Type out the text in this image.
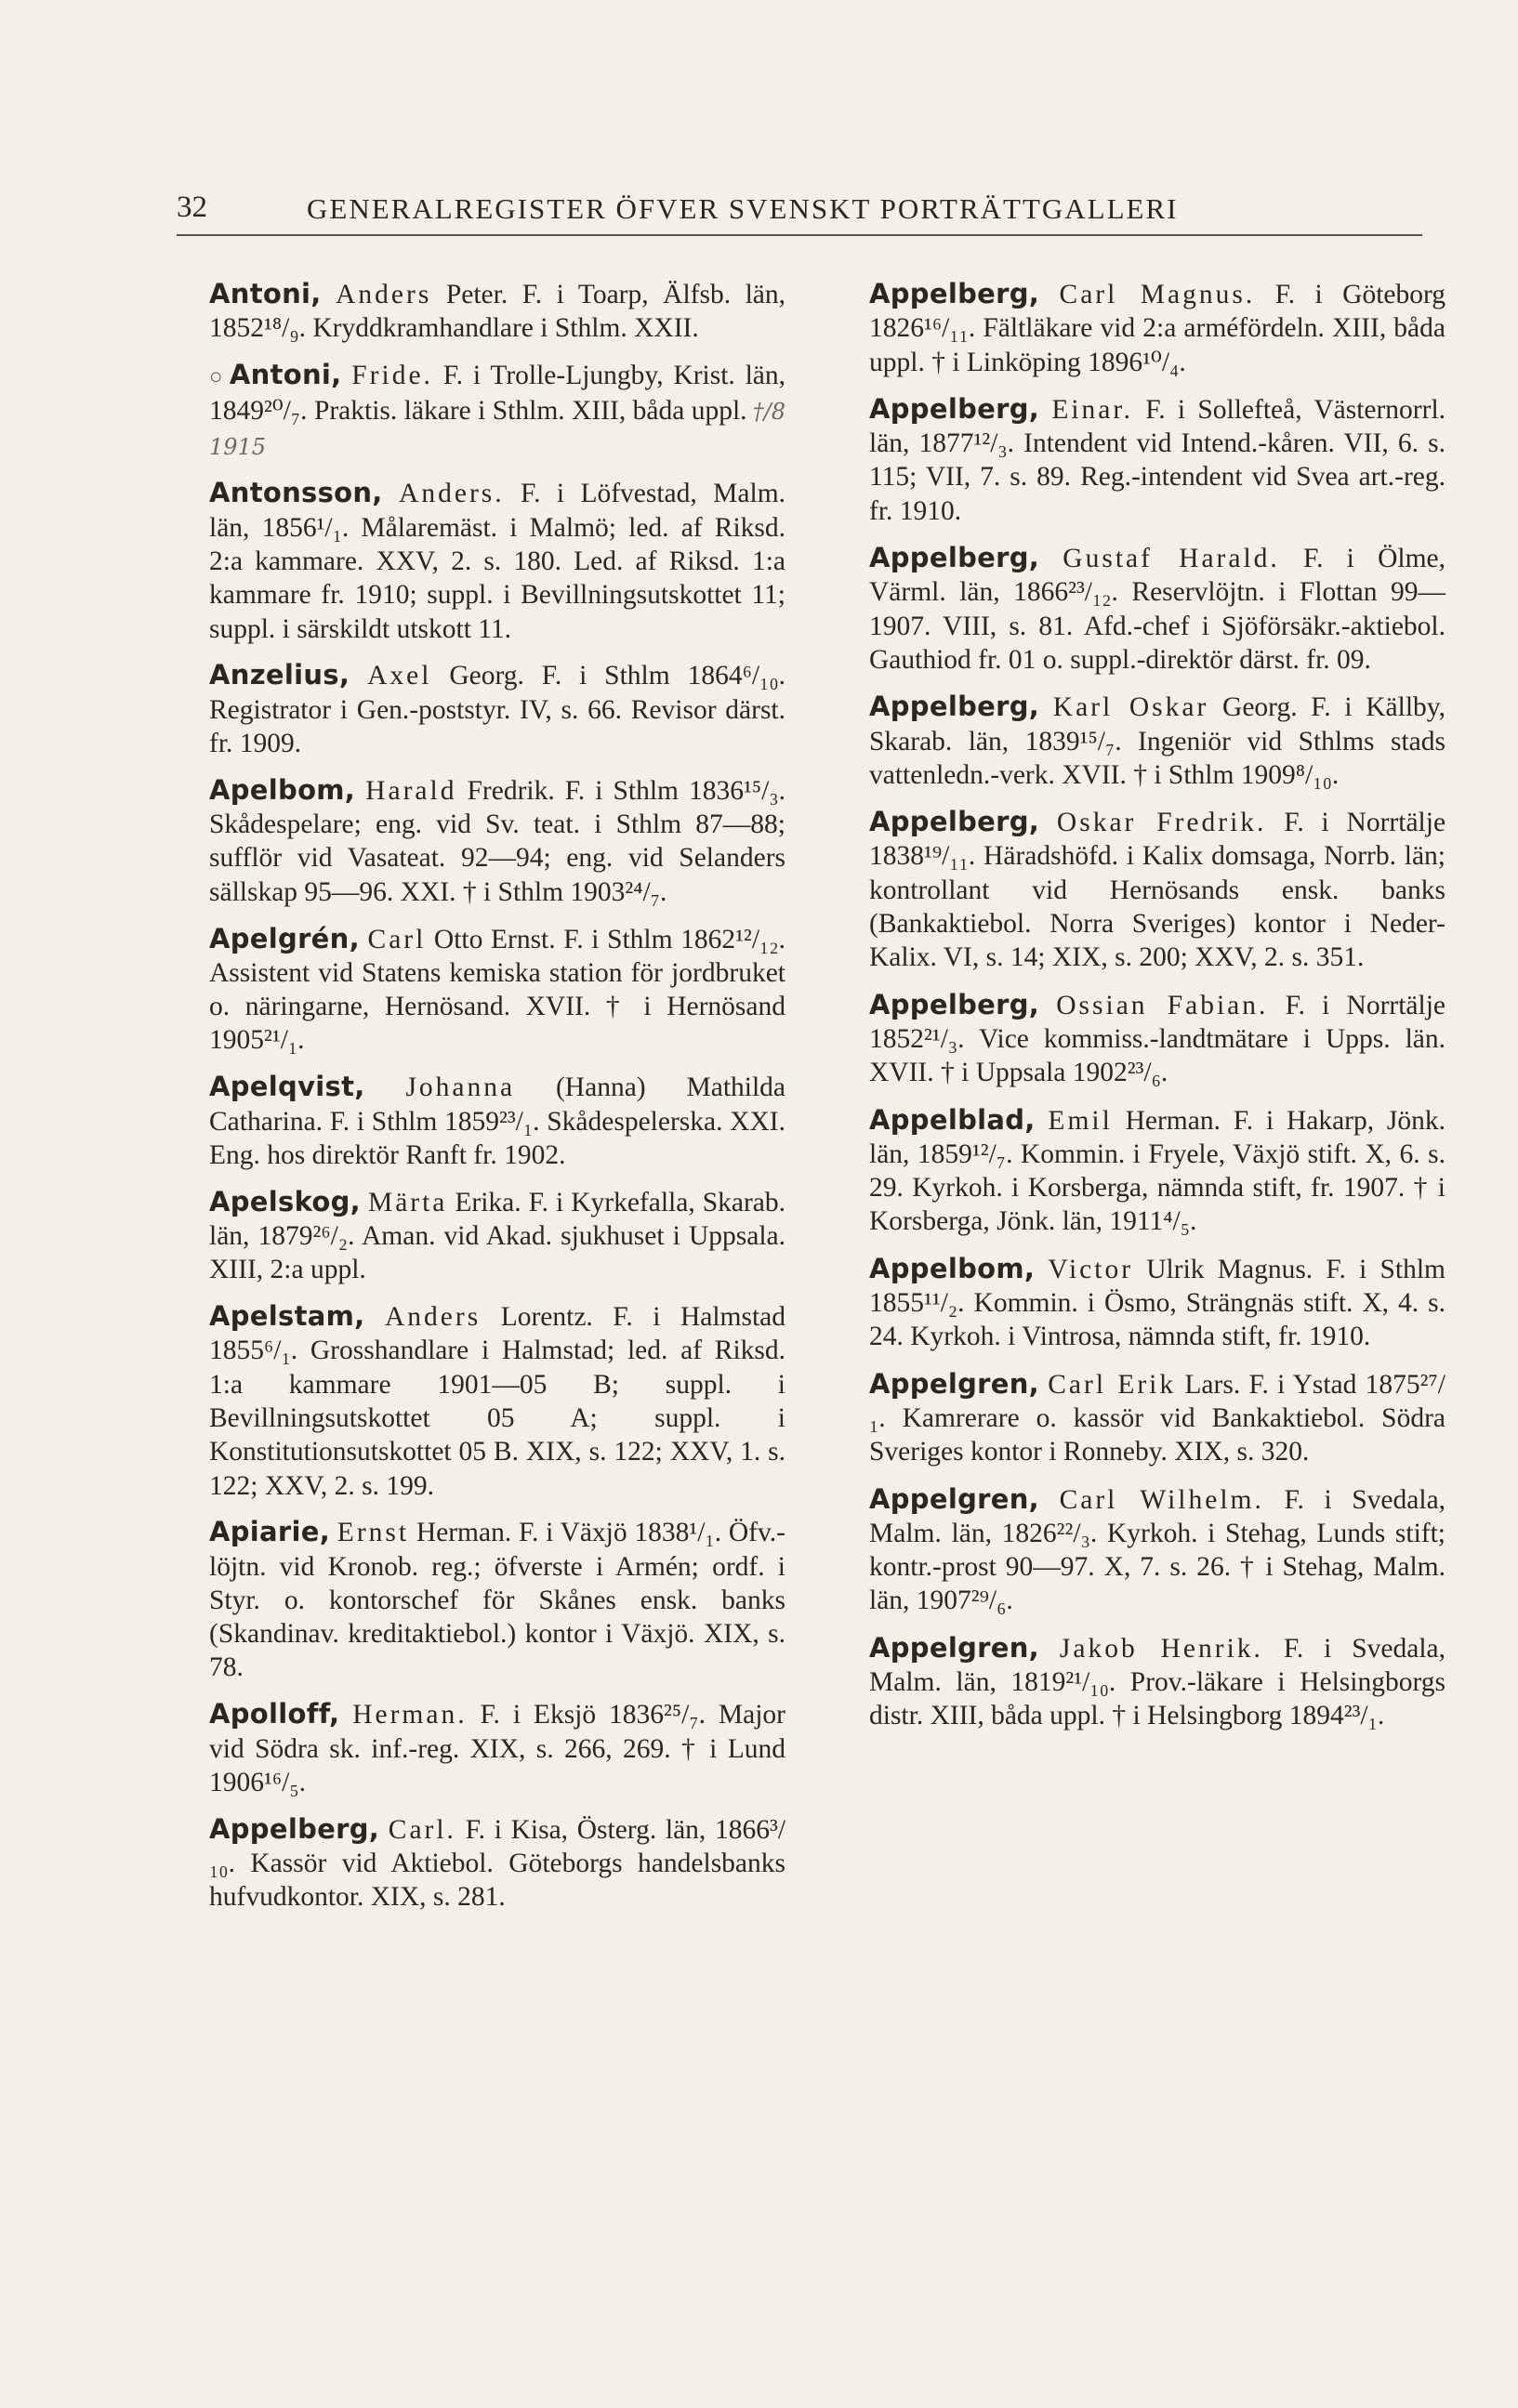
32	GENERALREGISTER ÖFVER SVENSKT PORTRÄTTGALLERI

Antoni, Anders Peter. F. i Toarp, Älfsb. län, 1852¹⁸/₉. Kryddkramhandlare i Sthlm. XXII.

○ Antoni, Fride. F. i Trolle-Ljungby, Krist. län, 1849²⁰/₇. Praktis. läkare i Sthlm. XIII, båda uppl. †/8 1915

Antonsson, Anders. F. i Löfvestad, Malm. län, 1856¹/₁. Målaremäst. i Malmö; led. af Riksd. 2:a kammare. XXV, 2. s. 180. Led. af Riksd. 1:a kammare fr. 1910; suppl. i Bevillningsutskottet 11; suppl. i särskildt utskott 11.

Anzelius, Axel Georg. F. i Sthlm 1864⁶/₁₀. Registrator i Gen.-poststyr. IV, s. 66. Revisor därst. fr. 1909.

Apelbom, Harald Fredrik. F. i Sthlm 1836¹⁵/₃. Skådespelare; eng. vid Sv. teat. i Sthlm 87—88; sufflör vid Vasateat. 92—94; eng. vid Selanders sällskap 95—96. XXI. † i Sthlm 1903²⁴/₇.

Apelgrén, Carl Otto Ernst. F. i Sthlm 1862¹²/₁₂. Assistent vid Statens kemiska station för jordbruket o. näringarne, Hernösand. XVII. † i Hernösand 1905²¹/₁.

Apelqvist, Johanna (Hanna) Mathilda Catharina. F. i Sthlm 1859²³/₁. Skådespelerska. XXI. Eng. hos direktör Ranft fr. 1902.

Apelskog, Märta Erika. F. i Kyrkefalla, Skarab. län, 1879²⁶/₂. Aman. vid Akad. sjukhuset i Uppsala. XIII, 2:a uppl.

Apelstam, Anders Lorentz. F. i Halmstad 1855⁶/₁. Grosshandlare i Halmstad; led. af Riksd. 1:a kammare 1901—05 B; suppl. i Bevillningsutskottet 05 A; suppl. i Konstitutionsutskottet 05 B. XIX, s. 122; XXV, 1. s. 122; XXV, 2. s. 199.

Apiarie, Ernst Herman. F. i Växjö 1838¹/₁. Öfv.-löjtn. vid Kronob. reg.; öfverste i Armén; ordf. i Styr. o. kontorschef för Skånes ensk. banks (Skandinav. kreditaktiebol.) kontor i Växjö. XIX, s. 78.

Apolloff, Herman. F. i Eksjö 1836²⁵/₇. Major vid Södra sk. inf.-reg. XIX, s. 266, 269. † i Lund 1906¹⁶/₅.

Appelberg, Carl. F. i Kisa, Österg. län, 1866³/₁₀. Kassör vid Aktiebol. Göteborgs handelsbanks hufvudkontor. XIX, s. 281.

Appelberg, Carl Magnus. F. i Göteborg 1826¹⁶/₁₁. Fältläkare vid 2:a arméfördeln. XIII, båda uppl. † i Linköping 1896¹⁰/₄.

Appelberg, Einar. F. i Sollefteå, Västernorrl. län, 1877¹²/₃. Intendent vid Intend.-kåren. VII, 6. s. 115; VII, 7. s. 89. Reg.-intendent vid Svea art.-reg. fr. 1910.

Appelberg, Gustaf Harald. F. i Ölme, Värml. län, 1866²³/₁₂. Reservlöjtn. i Flottan 99—1907. VIII, s. 81. Afd.-chef i Sjöförsäkr.-aktiebol. Gauthiod fr. 01 o. suppl.-direktör därst. fr. 09.

Appelberg, Karl Oskar Georg. F. i Källby, Skarab. län, 1839¹⁵/₇. Ingeniör vid Sthlms stads vattenledn.-verk. XVII. † i Sthlm 1909⁸/₁₀.

Appelberg, Oskar Fredrik. F. i Norrtälje 1838¹⁹/₁₁. Häradshöfd. i Kalix domsaga, Norrb. län; kontrollant vid Hernösands ensk. banks (Bankaktiebol. Norra Sveriges) kontor i Neder-Kalix. VI, s. 14; XIX, s. 200; XXV, 2. s. 351.

Appelberg, Ossian Fabian. F. i Norrtälje 1852²¹/₃. Vice kommiss.-landtmätare i Upps. län. XVII. † i Uppsala 1902²³/₆.

Appelblad, Emil Herman. F. i Hakarp, Jönk. län, 1859¹²/₇. Kommin. i Fryele, Växjö stift. X, 6. s. 29. Kyrkoh. i Korsberga, nämnda stift, fr. 1907. † i Korsberga, Jönk. län, 1911⁴/₅.

Appelbom, Victor Ulrik Magnus. F. i Sthlm 1855¹¹/₂. Kommin. i Ösmo, Strängnäs stift. X, 4. s. 24. Kyrkoh. i Vintrosa, nämnda stift, fr. 1910.

Appelgren, Carl Erik Lars. F. i Ystad 1875²⁷/₁. Kamrerare o. kassör vid Bankaktiebol. Södra Sveriges kontor i Ronneby. XIX, s. 320.

Appelgren, Carl Wilhelm. F. i Svedala, Malm. län, 1826²²/₃. Kyrkoh. i Stehag, Lunds stift; kontr.-prost 90—97. X, 7. s. 26. † i Stehag, Malm. län, 1907²⁹/₆.

Appelgren, Jakob Henrik. F. i Svedala, Malm. län, 1819²¹/₁₀. Prov.-läkare i Helsingborgs distr. XIII, båda uppl. † i Helsingborg 1894²³/₁.
